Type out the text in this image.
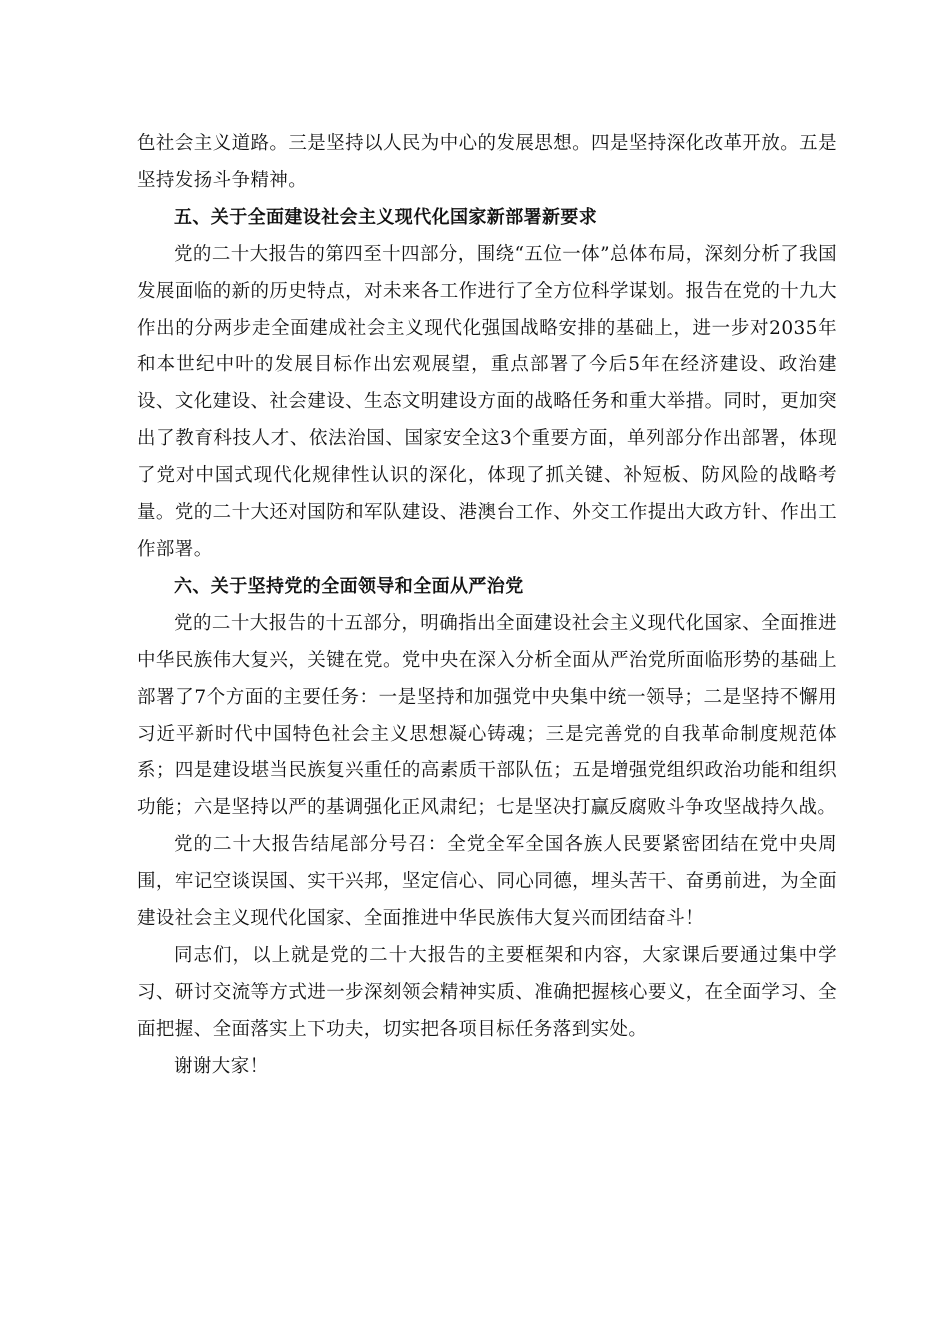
色社会主义道路。三是坚持以人民为中心的发展思想。四是坚持深化改革开放。五是坚持发扬斗争精神。

五、关于全面建设社会主义现代化国家新部署新要求

党的二十大报告的第四至十四部分，围绕“五位一体”总体布局，深刻分析了我国发展面临的新的历史特点，对未来各工作进行了全方位科学谋划。报告在党的十九大作出的分两步走全面建成社会主义现代化强国战略安排的基础上，进一步对2035年和本世纪中叶的发展目标作出宏观展望，重点部署了今后5年在经济建设、政治建设、文化建设、社会建设、生态文明建设方面的战略任务和重大举措。同时，更加突出了教育科技人才、依法治国、国家安全这3个重要方面，单列部分作出部署，体现了党对中国式现代化规律性认识的深化，体现了抓关键、补短板、防风险的战略考量。党的二十大还对国防和军队建设、港澳台工作、外交工作提出大政方针、作出工作部署。

六、关于坚持党的全面领导和全面从严治党

党的二十大报告的十五部分，明确指出全面建设社会主义现代化国家、全面推进中华民族伟大复兴，关键在党。党中央在深入分析全面从严治党所面临形势的基础上部署了7个方面的主要任务：一是坚持和加强党中央集中统一领导；二是坚持不懈用习近平新时代中国特色社会主义思想凝心铸魂；三是完善党的自我革命制度规范体系；四是建设堪当民族复兴重任的高素质干部队伍；五是增强党组织政治功能和组织功能；六是坚持以严的基调强化正风肃纪；七是坚决打赢反腐败斗争攻坚战持久战。

党的二十大报告结尾部分号召：全党全军全国各族人民要紧密团结在党中央周围，牢记空谈误国、实干兴邦，坚定信心、同心同德，埋头苦干、奋勇前进，为全面建设社会主义现代化国家、全面推进中华民族伟大复兴而团结奋斗！

同志们，以上就是党的二十大报告的主要框架和内容，大家课后要通过集中学习、研讨交流等方式进一步深刻领会精神实质、准确把握核心要义，在全面学习、全面把握、全面落实上下功夫，切实把各项目标任务落到实处。

谢谢大家！
